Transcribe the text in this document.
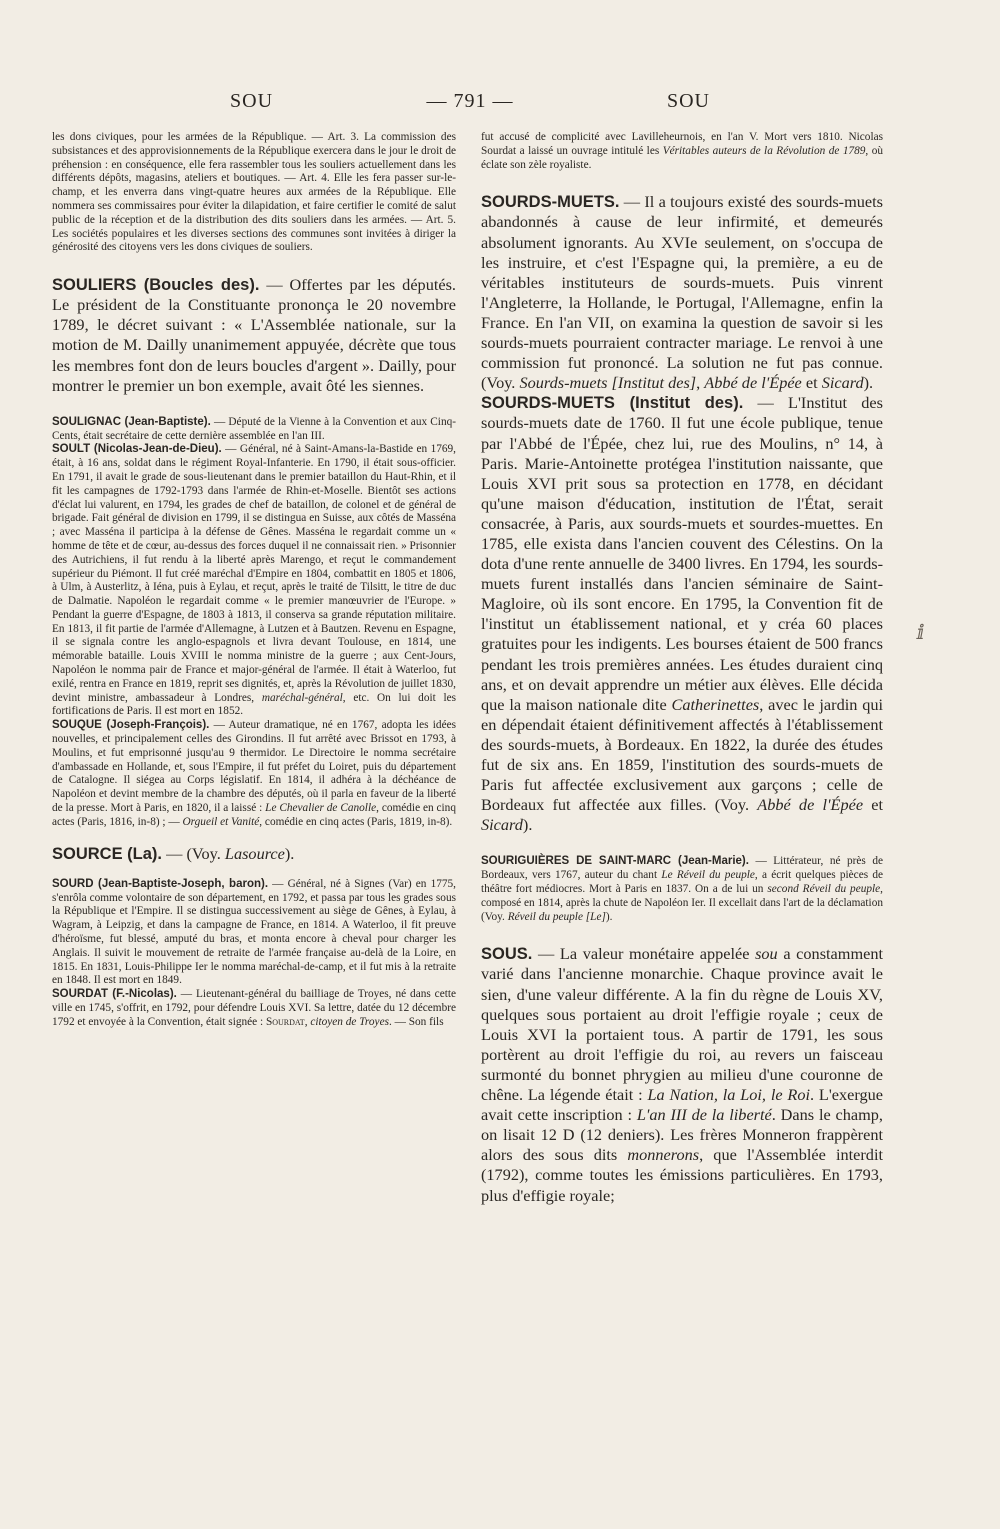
SOU	— 791 —	SOU

les dons civiques, pour les armées de la République. — Art. 3. La commission des subsistances et des approvisionnements de la République exercera dans le jour le droit de préhension : en conséquence, elle fera rassembler tous les souliers actuellement dans les différents dépôts, magasins, ateliers et boutiques. — Art. 4. Elle les fera passer sur-le-champ, et les enverra dans vingt-quatre heures aux armées de la République. Elle nommera ses commissaires pour éviter la dilapidation, et faire certifier le comité de salut public de la réception et de la distribution des dits souliers dans les armées. — Art. 5. Les sociétés populaires et les diverses sections des communes sont invitées à diriger la générosité des citoyens vers les dons civiques de souliers.

SOULIERS (Boucles des). — Offertes par les députés. Le président de la Constituante prononça le 20 novembre 1789, le décret suivant : « L'Assemblée nationale, sur la motion de M. Dailly unanimement appuyée, décrète que tous les membres font don de leurs boucles d'argent ». Dailly, pour montrer le premier un bon exemple, avait ôté les siennes.

SOULIGNAC (Jean-Baptiste). — Député de la Vienne à la Convention et aux Cinq-Cents, était secrétaire de cette dernière assemblée en l'an III.

SOULT (Nicolas-Jean-de-Dieu). — Général, né à Saint-Amans-la-Bastide en 1769, était, à 16 ans, soldat dans le régiment Royal-Infanterie. En 1790, il était sous-officier. En 1791, il avait le grade de sous-lieutenant dans le premier bataillon du Haut-Rhin, et il fit les campagnes de 1792-1793 dans l'armée de Rhin-et-Moselle. Bientôt ses actions d'éclat lui valurent, en 1794, les grades de chef de bataillon, de colonel et de général de brigade. Fait général de division en 1799, il se distingua en Suisse, aux côtés de Masséna ; avec Masséna il participa à la défense de Gênes. Masséna le regardait comme un « homme de tête et de cœur, au-dessus des forces duquel il ne connaissait rien. » Prisonnier des Autrichiens, il fut rendu à la liberté après Marengo, et reçut le commandement supérieur du Piémont. Il fut créé maréchal d'Empire en 1804, combattit en 1805 et 1806, à Ulm, à Austerlitz, à Iéna, puis à Eylau, et reçut, après le traité de Tilsitt, le titre de duc de Dalmatie. Napoléon le regardait comme « le premier manœuvrier de l'Europe. » Pendant la guerre d'Espagne, de 1803 à 1813, il conserva sa grande réputation militaire. En 1813, il fit partie de l'armée d'Allemagne, à Lutzen et à Bautzen. Revenu en Espagne, il se signala contre les anglo-espagnols et livra devant Toulouse, en 1814, une mémorable bataille. Louis XVIII le nomma ministre de la guerre ; aux Cent-Jours, Napoléon le nomma pair de France et major-général de l'armée. Il était à Waterloo, fut exilé, rentra en France en 1819, reprit ses dignités, et, après la Révolution de juillet 1830, devint ministre, ambassadeur à Londres, maréchal-général, etc. On lui doit les fortifications de Paris. Il est mort en 1852.

SOUQUE (Joseph-François). — Auteur dramatique, né en 1767, adopta les idées nouvelles, et principalement celles des Girondins. Il fut arrêté avec Brissot en 1793, à Moulins, et fut emprisonné jusqu'au 9 thermidor. Le Directoire le nomma secrétaire d'ambassade en Hollande, et, sous l'Empire, il fut préfet du Loiret, puis du département de Catalogne. Il siégea au Corps législatif. En 1814, il adhéra à la déchéance de Napoléon et devint membre de la chambre des députés, où il parla en faveur de la liberté de la presse. Mort à Paris, en 1820, il a laissé : Le Chevalier de Canolle, comédie en cinq actes (Paris, 1816, in-8) ; — Orgueil et Vanité, comédie en cinq actes (Paris, 1819, in-8).

SOURCE (La). — (Voy. Lasource).

SOURD (Jean-Baptiste-Joseph, baron). — Général, né à Signes (Var) en 1775, s'enrôla comme volontaire de son département, en 1792, et passa par tous les grades sous la République et l'Empire. Il se distingua successivement au siège de Gênes, à Eylau, à Wagram, à Leipzig, et dans la campagne de France, en 1814. A Waterloo, il fit preuve d'héroïsme, fut blessé, amputé du bras, et monta encore à cheval pour charger les Anglais. Il suivit le mouvement de retraite de l'armée française au-delà de la Loire, en 1815. En 1831, Louis-Philippe Ier le nomma maréchal-de-camp, et il fut mis à la retraite en 1848. Il est mort en 1849.

SOURDAT (F.-Nicolas). — Lieutenant-général du bailliage de Troyes, né dans cette ville en 1745, s'offrit, en 1792, pour défendre Louis XVI. Sa lettre, datée du 12 décembre 1792 et envoyée à la Convention, était signée : Sourdat, citoyen de Troyes. — Son fils

fut accusé de complicité avec Lavilleheurnois, en l'an V. Mort vers 1810. Nicolas Sourdat a laissé un ouvrage intitulé les Véritables auteurs de la Révolution de 1789, où éclate son zèle royaliste.

SOURDS-MUETS. — Il a toujours existé des sourds-muets abandonnés à cause de leur infirmité, et demeurés absolument ignorants. Au XVIe seulement, on s'occupa de les instruire, et c'est l'Espagne qui, la première, a eu de véritables instituteurs de sourds-muets. Puis vinrent l'Angleterre, la Hollande, le Portugal, l'Allemagne, enfin la France. En l'an VII, on examina la question de savoir si les sourds-muets pourraient contracter mariage. Le renvoi à une commission fut prononcé. La solution ne fut pas connue. (Voy. Sourds-muets [Institut des], Abbé de l'Épée et Sicard).

SOURDS-MUETS (Institut des). — L'Institut des sourds-muets date de 1760. Il fut une école publique, tenue par l'Abbé de l'Épée, chez lui, rue des Moulins, n° 14, à Paris. Marie-Antoinette protégea l'institution naissante, que Louis XVI prit sous sa protection en 1778, en décidant qu'une maison d'éducation, institution de l'État, serait consacrée, à Paris, aux sourds-muets et sourdes-muettes. En 1785, elle exista dans l'ancien couvent des Célestins. On la dota d'une rente annuelle de 3400 livres. En 1794, les sourds-muets furent installés dans l'ancien séminaire de Saint-Magloire, où ils sont encore. En 1795, la Convention fit de l'institut un établissement national, et y créa 60 places gratuites pour les indigents. Les bourses étaient de 500 francs pendant les trois premières années. Les études duraient cinq ans, et on devait apprendre un métier aux élèves. Elle décida que la maison nationale dite Catherinettes, avec le jardin qui en dépendait étaient définitivement affectés à l'établissement des sourds-muets, à Bordeaux. En 1822, la durée des études fut de six ans. En 1859, l'institution des sourds-muets de Paris fut affectée exclusivement aux garçons ; celle de Bordeaux fut affectée aux filles. (Voy. Abbé de l'Épée et Sicard).

SOURIGUIÈRES DE SAINT-MARC (Jean-Marie). — Littérateur, né près de Bordeaux, vers 1767, auteur du chant Le Réveil du peuple, a écrit quelques pièces de théâtre fort médiocres. Mort à Paris en 1837. On a de lui un second Réveil du peuple, composé en 1814, après la chute de Napoléon Ier. Il excellait dans l'art de la déclamation (Voy. Réveil du peuple [Le]).

SOUS. — La valeur monétaire appelée sou a constamment varié dans l'ancienne monarchie. Chaque province avait le sien, d'une valeur différente. A la fin du règne de Louis XV, quelques sous portaient au droit l'effigie royale ; ceux de Louis XVI la portaient tous. A partir de 1791, les sous portèrent au droit l'effigie du roi, au revers un faisceau surmonté du bonnet phrygien au milieu d'une couronne de chêne. La légende était : La Nation, la Loi, le Roi. L'exergue avait cette inscription : L'an III de la liberté. Dans le champ, on lisait 12 D (12 deniers). Les frères Monneron frappèrent alors des sous dits monnerons, que l'Assemblée interdit (1792), comme toutes les émissions particulières. En 1793, plus d'effigie royale;

ⅈ
